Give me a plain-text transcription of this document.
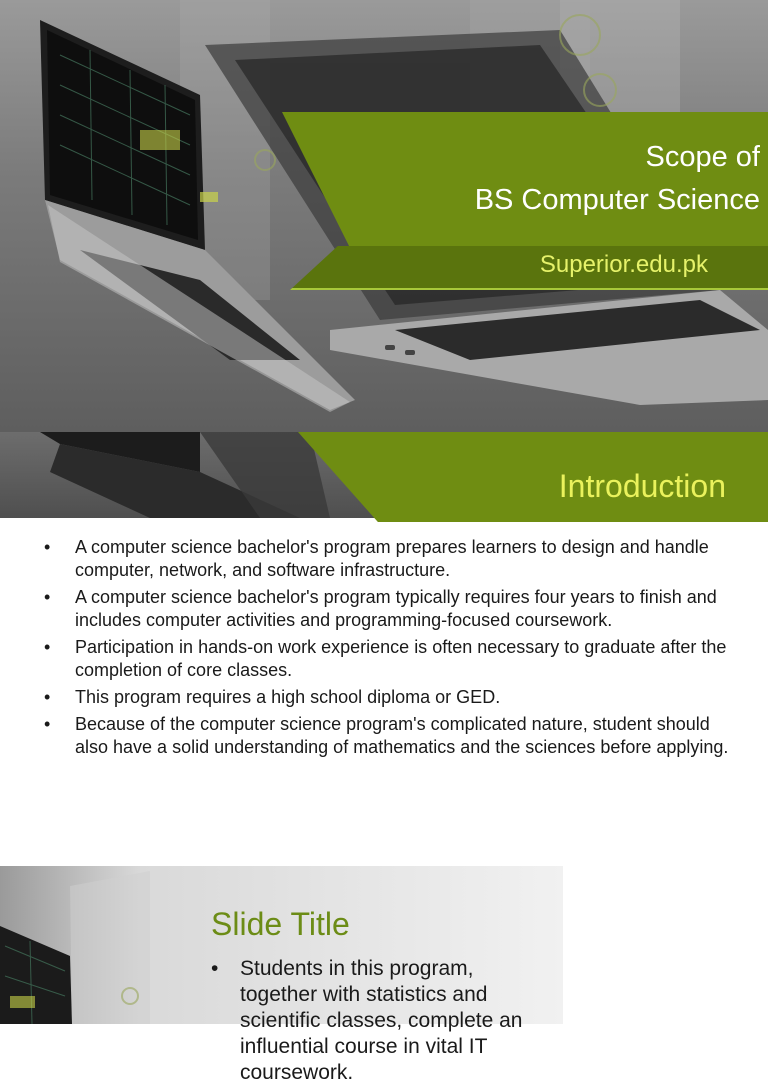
Scope of
BS Computer Science
Superior.edu.pk
Introduction
• A computer science bachelor's program prepares learners to design and handle computer, network, and software infrastructure.
• A computer science bachelor's program typically requires four years to finish and includes computer activities and programming-focused coursework.
• Participation in hands-on work experience is often necessary to graduate after the completion of core classes.
• This program requires a high school diploma or GED.
• Because of the computer science program's complicated nature, student should also have a solid understanding of mathematics and the sciences before applying.
Slide Title
• Students in this program, together with statistics and scientific classes, complete an influential course in vital IT coursework.
